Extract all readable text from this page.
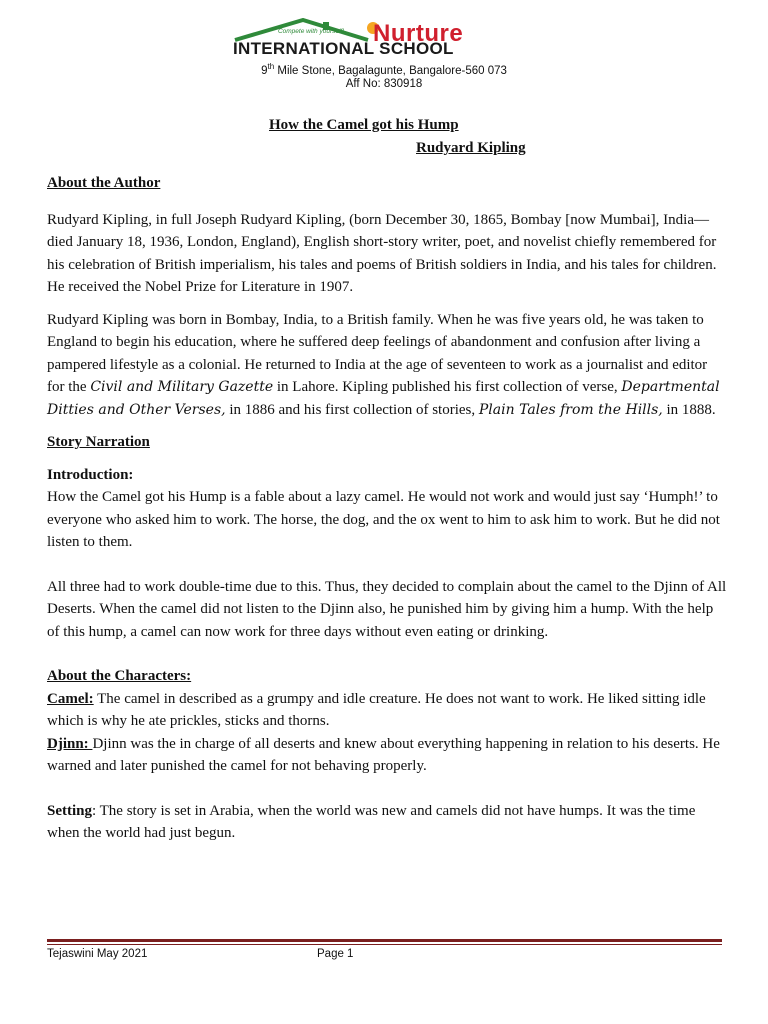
Compete with yourself!	Nurture
INTERNATIONAL SCHOOL
9th Mile Stone, Bagalagunte, Bangalore-560 073
Aff No: 830918
How the Camel got his Hump
Rudyard Kipling

About the Author

Rudyard Kipling, in full Joseph Rudyard Kipling, (born December 30, 1865, Bombay [now Mumbai], India—died January 18, 1936, London, England), English short-story writer, poet, and novelist chiefly remembered for his celebration of British imperialism, his tales and poems of British soldiers in India, and his tales for children. He received the Nobel Prize for Literature in 1907.

Rudyard Kipling was born in Bombay, India, to a British family. When he was five years old, he was taken to England to begin his education, where he suffered deep feelings of abandonment and confusion after living a pampered lifestyle as a colonial. He returned to India at the age of seventeen to work as a journalist and editor for the Civil and Military Gazette in Lahore. Kipling published his first collection of verse, Departmental Ditties and Other Verses, in 1886 and his first collection of stories, Plain Tales from the Hills, in 1888.

Story Narration

Introduction:

How the Camel got his Hump is a fable about a lazy camel. He would not work and would just say ‘Humph!’ to everyone who asked him to work. The horse, the dog, and the ox went to him to ask him to work. But he did not listen to them.

All three had to work double-time due to this. Thus, they decided to complain about the camel to the Djinn of All Deserts. When the camel did not listen to the Djinn also, he punished him by giving him a hump. With the help of this hump, a camel can now work for three days without even eating or drinking.

About the Characters:

Camel: The camel in described as a grumpy and idle creature. He does not want to work. He liked sitting idle which is why he ate prickles, sticks and thorns.

Djinn: Djinn was the in charge of all deserts and knew about everything happening in relation to his deserts. He warned and later punished the camel for not behaving properly.

Setting: The story is set in Arabia, when the world was new and camels did not have humps. It was the time when the world had just begun.

Tejaswini May 2021	Page 1
